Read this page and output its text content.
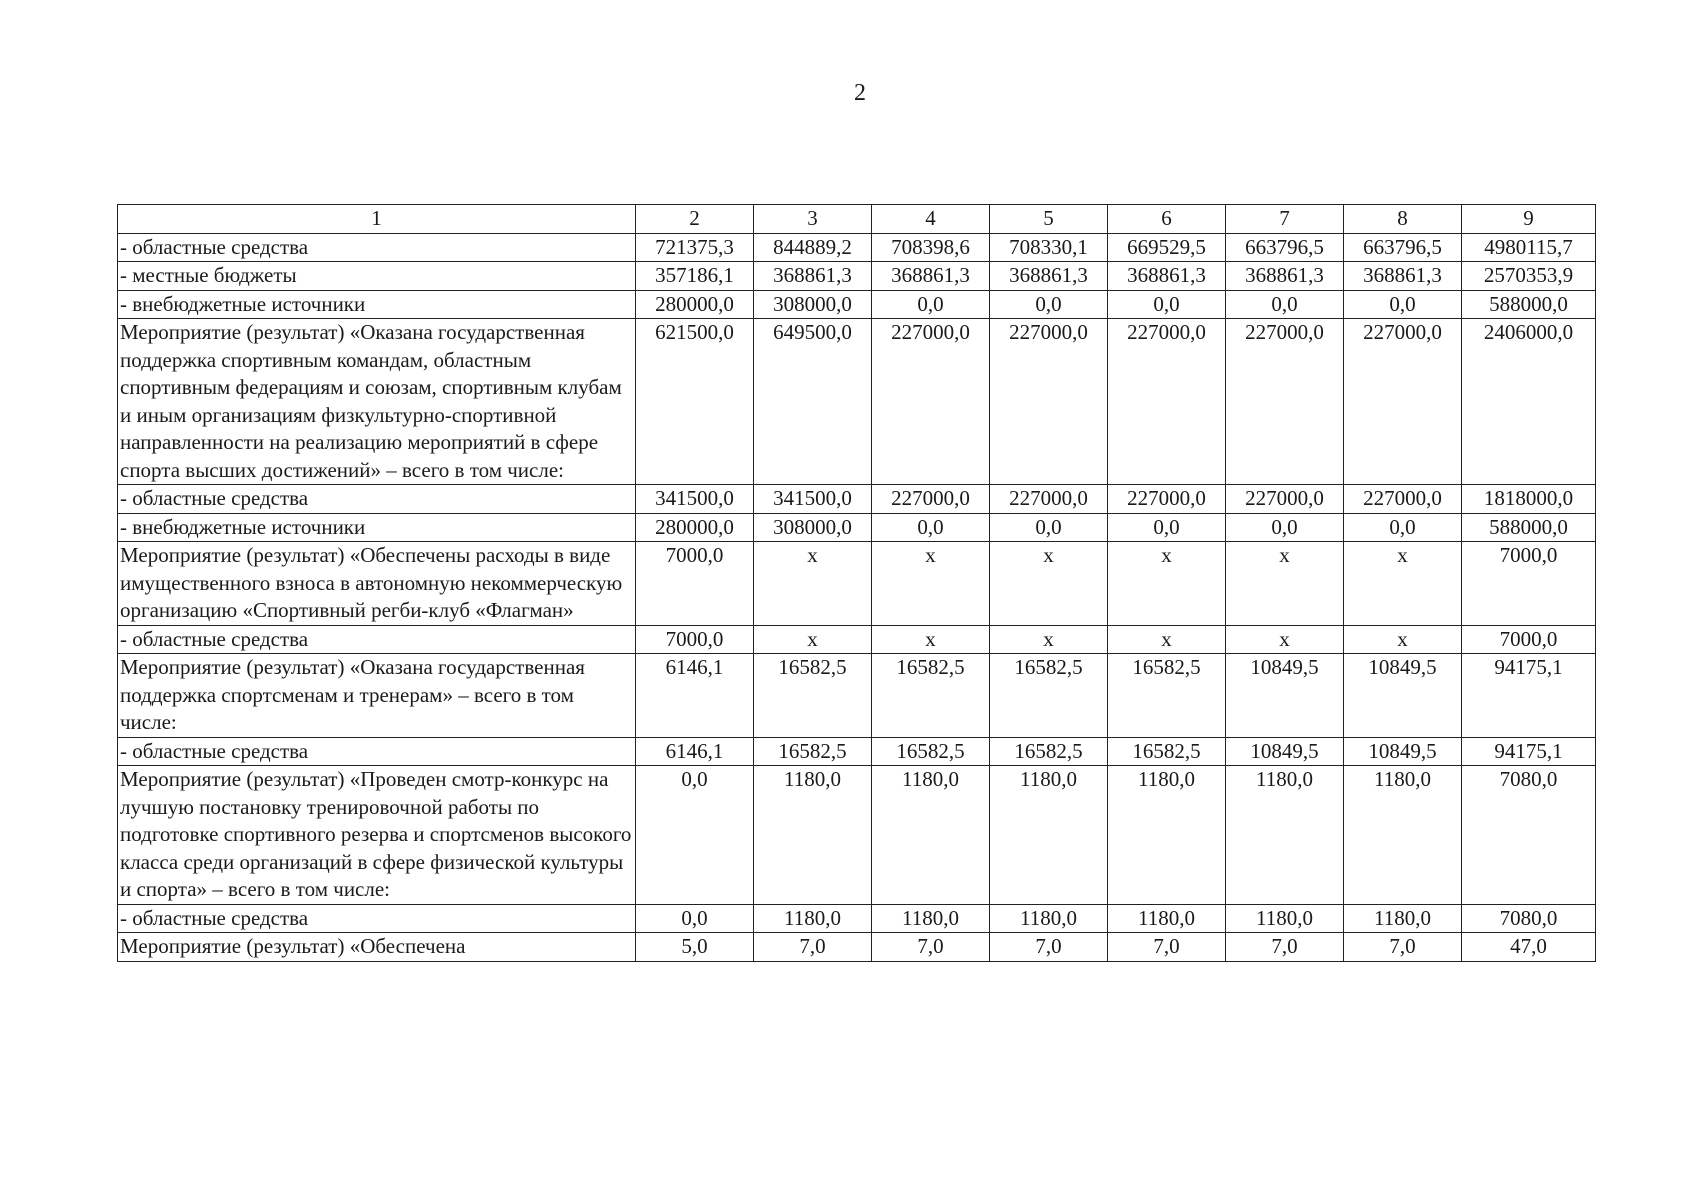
2
1	2	3	4	5	6	7	8	9
- областные средства	721375,3	844889,2	708398,6	708330,1	669529,5	663796,5	663796,5	4980115,7
- местные бюджеты	357186,1	368861,3	368861,3	368861,3	368861,3	368861,3	368861,3	2570353,9
- внебюджетные источники	280000,0	308000,0	0,0	0,0	0,0	0,0	0,0	588000,0
Мероприятие (результат) «Оказана государственная поддержка спортивным командам, областным спортивным федерациям и союзам, спортивным клубам и иным организациям физкультурно-спортивной направленности на реализацию мероприятий в сфере спорта высших достижений» – всего в том числе:	621500,0	649500,0	227000,0	227000,0	227000,0	227000,0	227000,0	2406000,0
- областные средства	341500,0	341500,0	227000,0	227000,0	227000,0	227000,0	227000,0	1818000,0
- внебюджетные источники	280000,0	308000,0	0,0	0,0	0,0	0,0	0,0	588000,0
Мероприятие (результат) «Обеспечены расходы в виде имущественного взноса в автономную некоммерческую организацию «Спортивный регби-клуб «Флагман»	7000,0	х	х	х	х	х	х	7000,0
- областные средства	7000,0	х	х	х	х	х	х	7000,0
Мероприятие (результат) «Оказана государственная поддержка спортсменам и тренерам» – всего в том числе:	6146,1	16582,5	16582,5	16582,5	16582,5	10849,5	10849,5	94175,1
- областные средства	6146,1	16582,5	16582,5	16582,5	16582,5	10849,5	10849,5	94175,1
Мероприятие (результат) «Проведен смотр-конкурс на лучшую постановку тренировочной работы по подготовке спортивного резерва и спортсменов высокого класса среди организаций в сфере физической культуры и спорта» – всего в том числе:	0,0	1180,0	1180,0	1180,0	1180,0	1180,0	1180,0	7080,0
- областные средства	0,0	1180,0	1180,0	1180,0	1180,0	1180,0	1180,0	7080,0
Мероприятие (результат) «Обеспечена	5,0	7,0	7,0	7,0	7,0	7,0	7,0	47,0
